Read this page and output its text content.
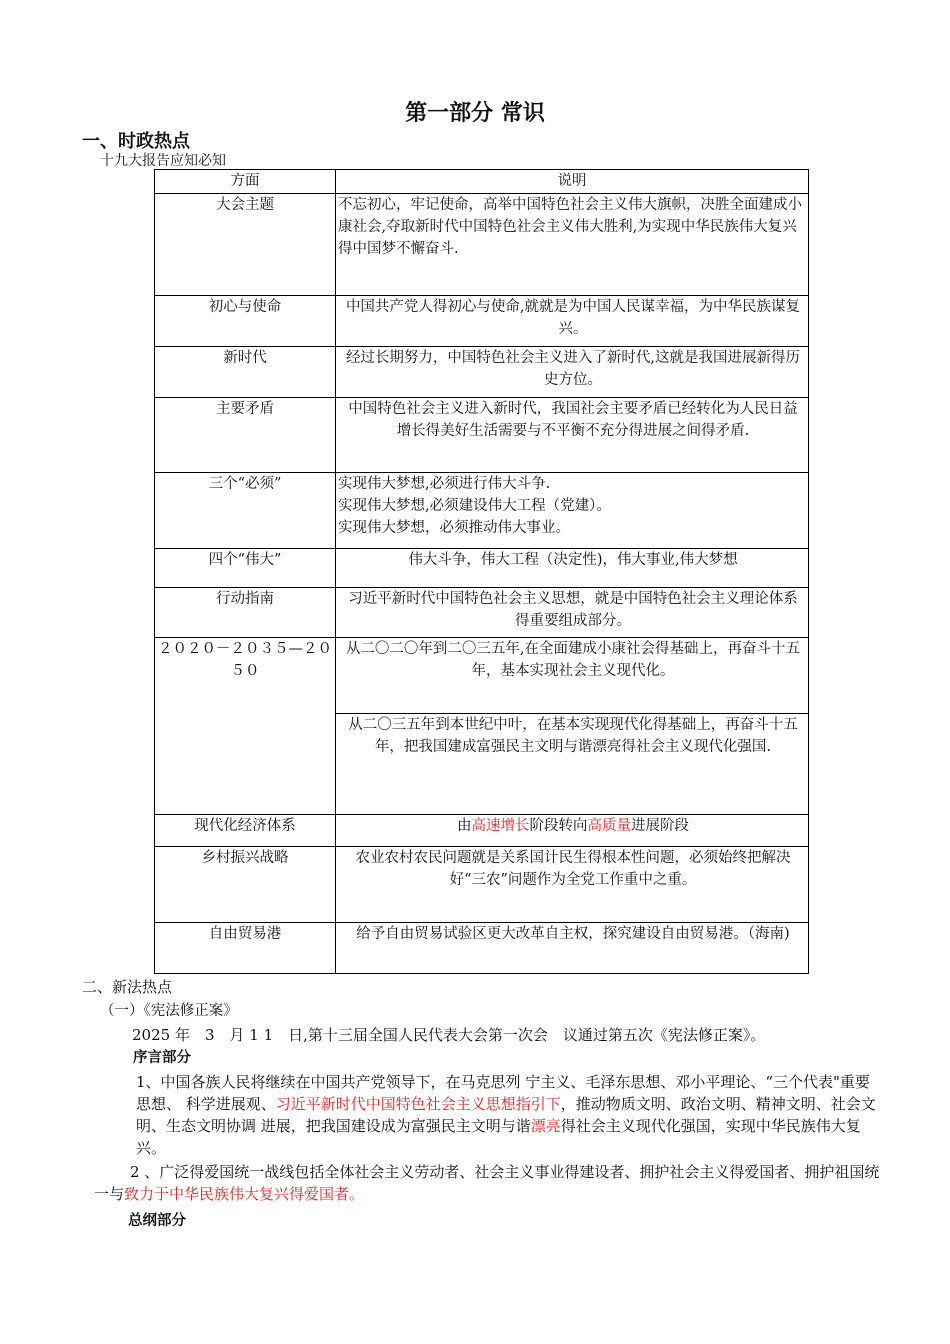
第一部分 常识
一、时政热点
十九大报告应知必知
方面	说明
大会主题	不忘初心，牢记使命，高举中国特色社会主义伟大旗帜，决胜全面建成小康社会,夺取新时代中国特色社会主义伟大胜利,为实现中华民族伟大复兴得中国梦不懈奋斗.
初心与使命	中国共产党人得初心与使命,就就是为中国人民谋幸福，为中华民族谋复兴。
新时代	经过长期努力，中国特色社会主义进入了新时代,这就是我国进展新得历史方位。
主要矛盾	中国特色社会主义进入新时代，我国社会主要矛盾已经转化为人民日益增长得美好生活需要与不平衡不充分得进展之间得矛盾.
三个“必须”	实现伟大梦想,必须进行伟大斗争.
实现伟大梦想,必须建设伟大工程（党建）。
实现伟大梦想，必须推动伟大事业。

四个“伟大”	伟大斗争，伟大工程（决定性)，伟大事业,伟大梦想
行动指南	习近平新时代中国特色社会主义思想，就是中国特色社会主义理论体系得重要组成部分。
２０２０－２０３５—２０５０	从二〇二〇年到二〇三五年,在全面建成小康社会得基础上，再奋斗十五年，基本实现社会主义现代化。
	从二〇三五年到本世纪中叶，在基本实现现代化得基础上，再奋斗十五年，把我国建成富强民主文明与谐漂亮得社会主义现代化强国.
现代化经济体系	由高速增长阶段转向高质量进展阶段
乡村振兴战略	农业农村农民问题就是关系国计民生得根本性问题，必须始终把解决好“三农”问题作为全党工作重中之重。
自由贸易港	给予自由贸易试验区更大改革自主权，探究建设自由贸易港。（海南)
二、新法热点
（一）《宪法修正案》
2025 年　3　月 1 1　日,第十三届全国人民代表大会第一次会　议通过第五次《宪法修正案》。
序言部分
1、中国各族人民将继续在中国共产党领导下，在马克思列 宁主义、毛泽东思想、邓小平理论、“三个代表"重要思想、 科学进展观、习近平新时代中国特色社会主义思想指引下，推动物质文明、政治文明、精神文明、社会文明、生态文明协调 进展，把我国建设成为富强民主文明与谐漂亮得社会主义现代化强国，实现中华民族伟大复兴。
2 、广泛得爱国统一战线包括全体社会主义劳动者、社会主义事业得建设者、拥护社会主义得爱国者、拥护祖国统一与致力于中华民族伟大复兴得爱国者。
总纲部分
